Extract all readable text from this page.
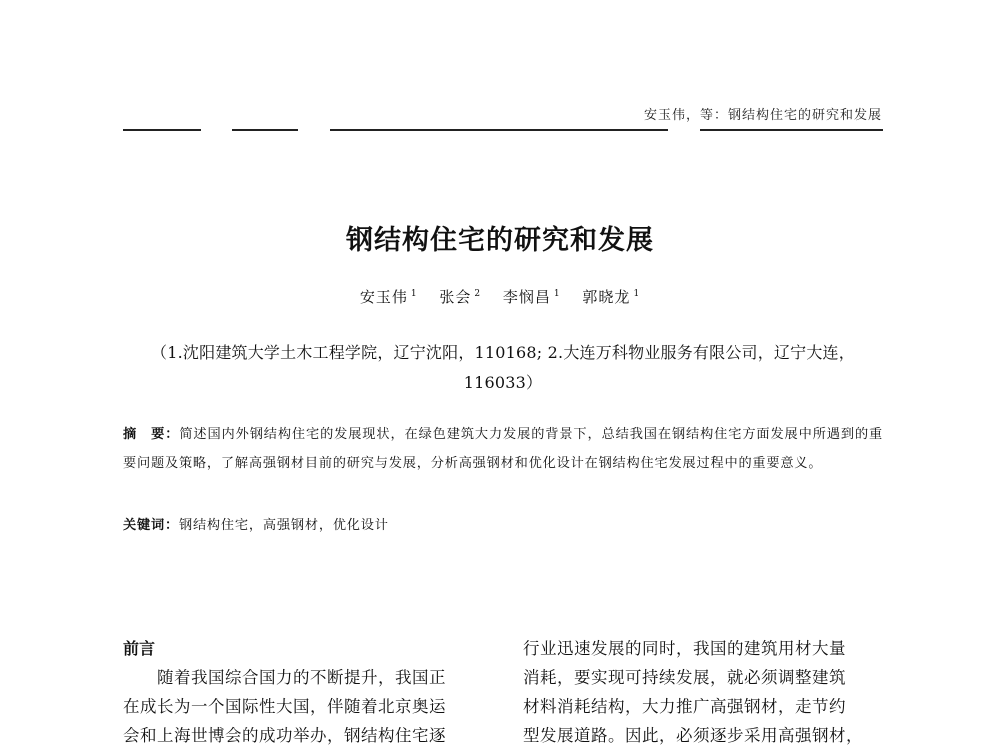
安玉伟，等：钢结构住宅的研究和发展
钢结构住宅的研究和发展
安玉伟 $^1$ 张会 $^2$ 李悯昌 $^1$ 郭晓龙 $^1$
（1.沈阳建筑大学土木工程学院，辽宁沈阳，110168; 2.大连万科物业服务有限公司，辽宁大连，116033）
摘　要：简述国内外钢结构住宅的发展现状，在绿色建筑大力发展的背景下，总结我国在钢结构住宅方面发展中所遇到的重要问题及策略，了解高强钢材目前的研究与发展，分析高强钢材和优化设计在钢结构住宅发展过程中的重要意义。
关键词：钢结构住宅，高强钢材，优化设计
前言
随着我国综合国力的不断提升，我国正
在成长为一个国际性大国，伴随着北京奥运
会和上海世博会的成功举办，钢结构住宅逐
行业迅速发展的同时，我国的建筑用材大量
消耗，要实现可持续发展，就必须调整建筑
材料消耗结构，大力推广高强钢材，走节约
型发展道路。因此，必须逐步采用高强钢材，
